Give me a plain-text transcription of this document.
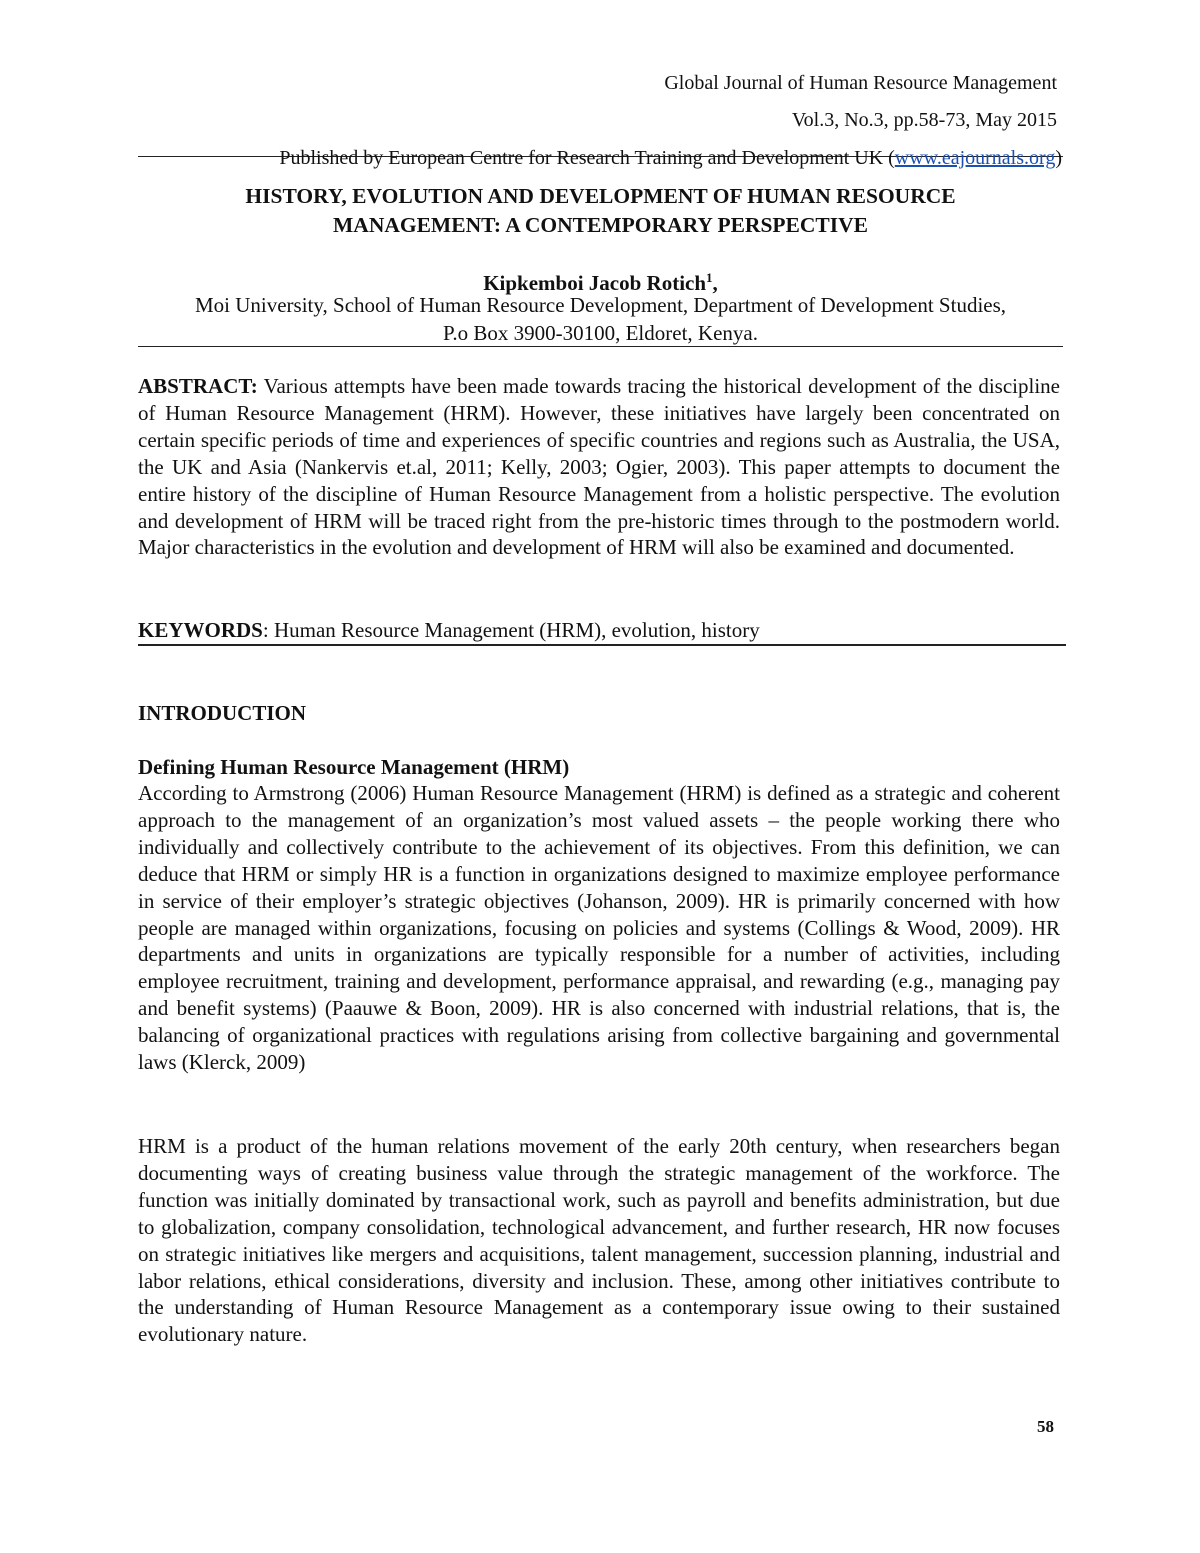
Global Journal of Human Resource Management
Vol.3, No.3, pp.58-73, May 2015
Published by European Centre for Research Training and Development UK (www.eajournals.org)
HISTORY, EVOLUTION AND DEVELOPMENT OF HUMAN RESOURCE
MANAGEMENT: A CONTEMPORARY PERSPECTIVE
Kipkemboi Jacob Rotich$^1$,
Moi University, School of Human Resource Development, Department of Development Studies,
P.o Box 3900-30100, Eldoret, Kenya.

ABSTRACT: Various attempts have been made towards tracing the historical development of the discipline of Human Resource Management (HRM). However, these initiatives have largely been concentrated on certain specific periods of time and experiences of specific countries and regions such as Australia, the USA, the UK and Asia (Nankervis et.al, 2011; Kelly, 2003; Ogier, 2003). This paper attempts to document the entire history of the discipline of Human Resource Management from a holistic perspective. The evolution and development of HRM will be traced right from the pre-historic times through to the postmodern world. Major characteristics in the evolution and development of HRM will also be examined and documented.

KEYWORDS: Human Resource Management (HRM), evolution, history

INTRODUCTION
Defining Human Resource Management (HRM)

According to Armstrong (2006) Human Resource Management (HRM) is defined as a strategic and coherent approach to the management of an organization’s most valued assets – the people working there who individually and collectively contribute to the achievement of its objectives. From this definition, we can deduce that HRM or simply HR is a function in organizations designed to maximize employee performance in service of their employer’s strategic objectives (Johanson, 2009). HR is primarily concerned with how people are managed within organizations, focusing on policies and systems (Collings & Wood, 2009). HR departments and units in organizations are typically responsible for a number of activities, including employee recruitment, training and development, performance appraisal, and rewarding (e.g., managing pay and benefit systems) (Paauwe & Boon, 2009). HR is also concerned with industrial relations, that is, the balancing of organizational practices with regulations arising from collective bargaining and governmental laws (Klerck, 2009)

HRM is a product of the human relations movement of the early 20th century, when researchers began documenting ways of creating business value through the strategic management of the workforce. The function was initially dominated by transactional work, such as payroll and benefits administration, but due to globalization, company consolidation, technological advancement, and further research, HR now focuses on strategic initiatives like mergers and acquisitions, talent management, succession planning, industrial and labor relations, ethical considerations, diversity and inclusion. These, among other initiatives contribute to the understanding of Human Resource Management as a contemporary issue owing to their sustained evolutionary nature.

58
